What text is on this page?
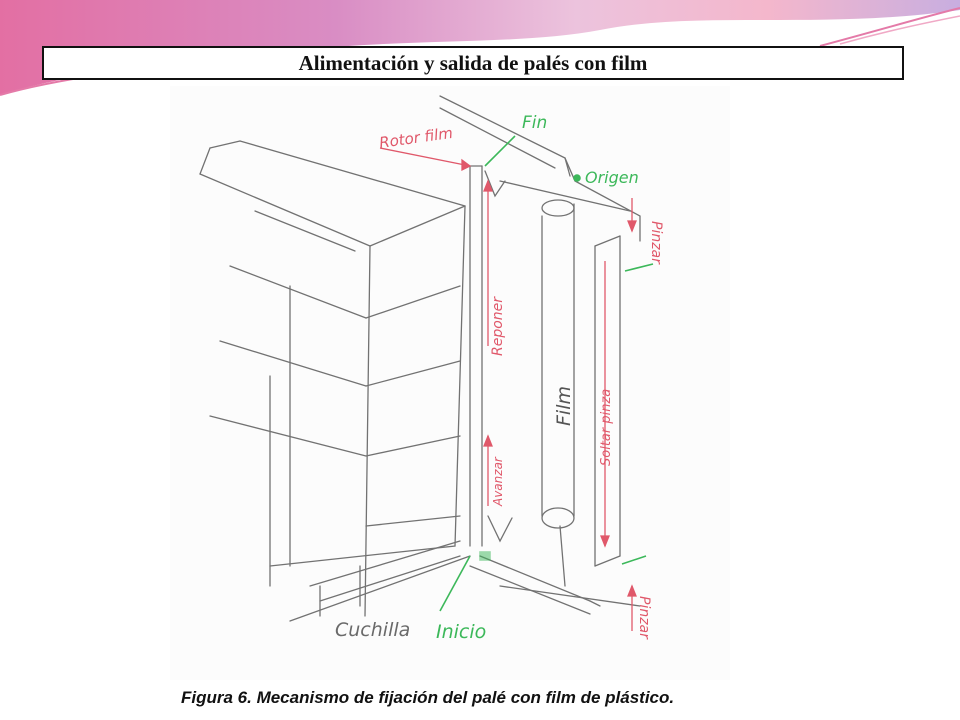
Alimentación y salida de palés con film
Rotor film
Fin
Origen
Pinzar
Reponer
Film Soltar pinza
Avanzar
Cuchilla Inicio	Pinzar
Figura 6. Mecanismo de fijación del palé con film de plástico.
